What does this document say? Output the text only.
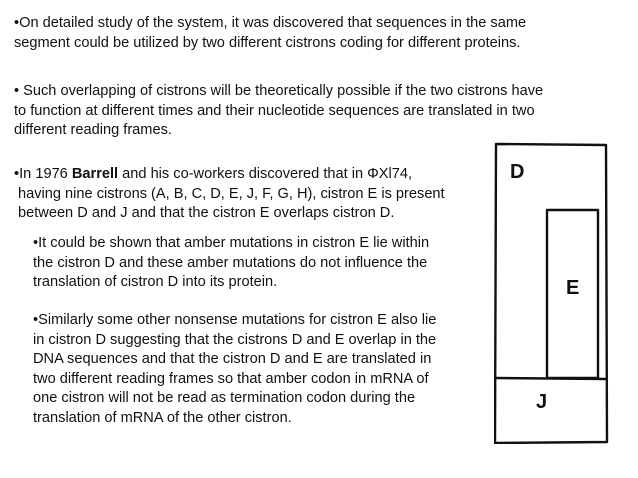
•On detailed study of the system, it was discovered that sequences in the same
segment could be utilized by two different cistrons coding for different proteins.
• Such overlapping of cistrons will be theoretically possible if the two cistrons have
to function at different times and their nucleotide sequences are translated in two
different reading frames.
•In 1976 Barrell and his co-workers discovered that in ΦXl74,
having nine cistrons (A, B, C, D, E, J, F, G, H), cistron E is present
between D and J and that the cistron E overlaps cistron D.
•It could be shown that amber mutations in cistron E lie within
the cistron D and these amber mutations do not influence the
translation of cistron D into its protein.
•Similarly some other nonsense mutations for cistron E also lie
in cistron D suggesting that the cistrons D and E overlap in the
DNA sequences and that the cistron D and E are translated in
two different reading frames so that amber codon in mRNA of
one cistron will not be read as termination codon during the
translation of mRNA of the other cistron.
D
E
J
